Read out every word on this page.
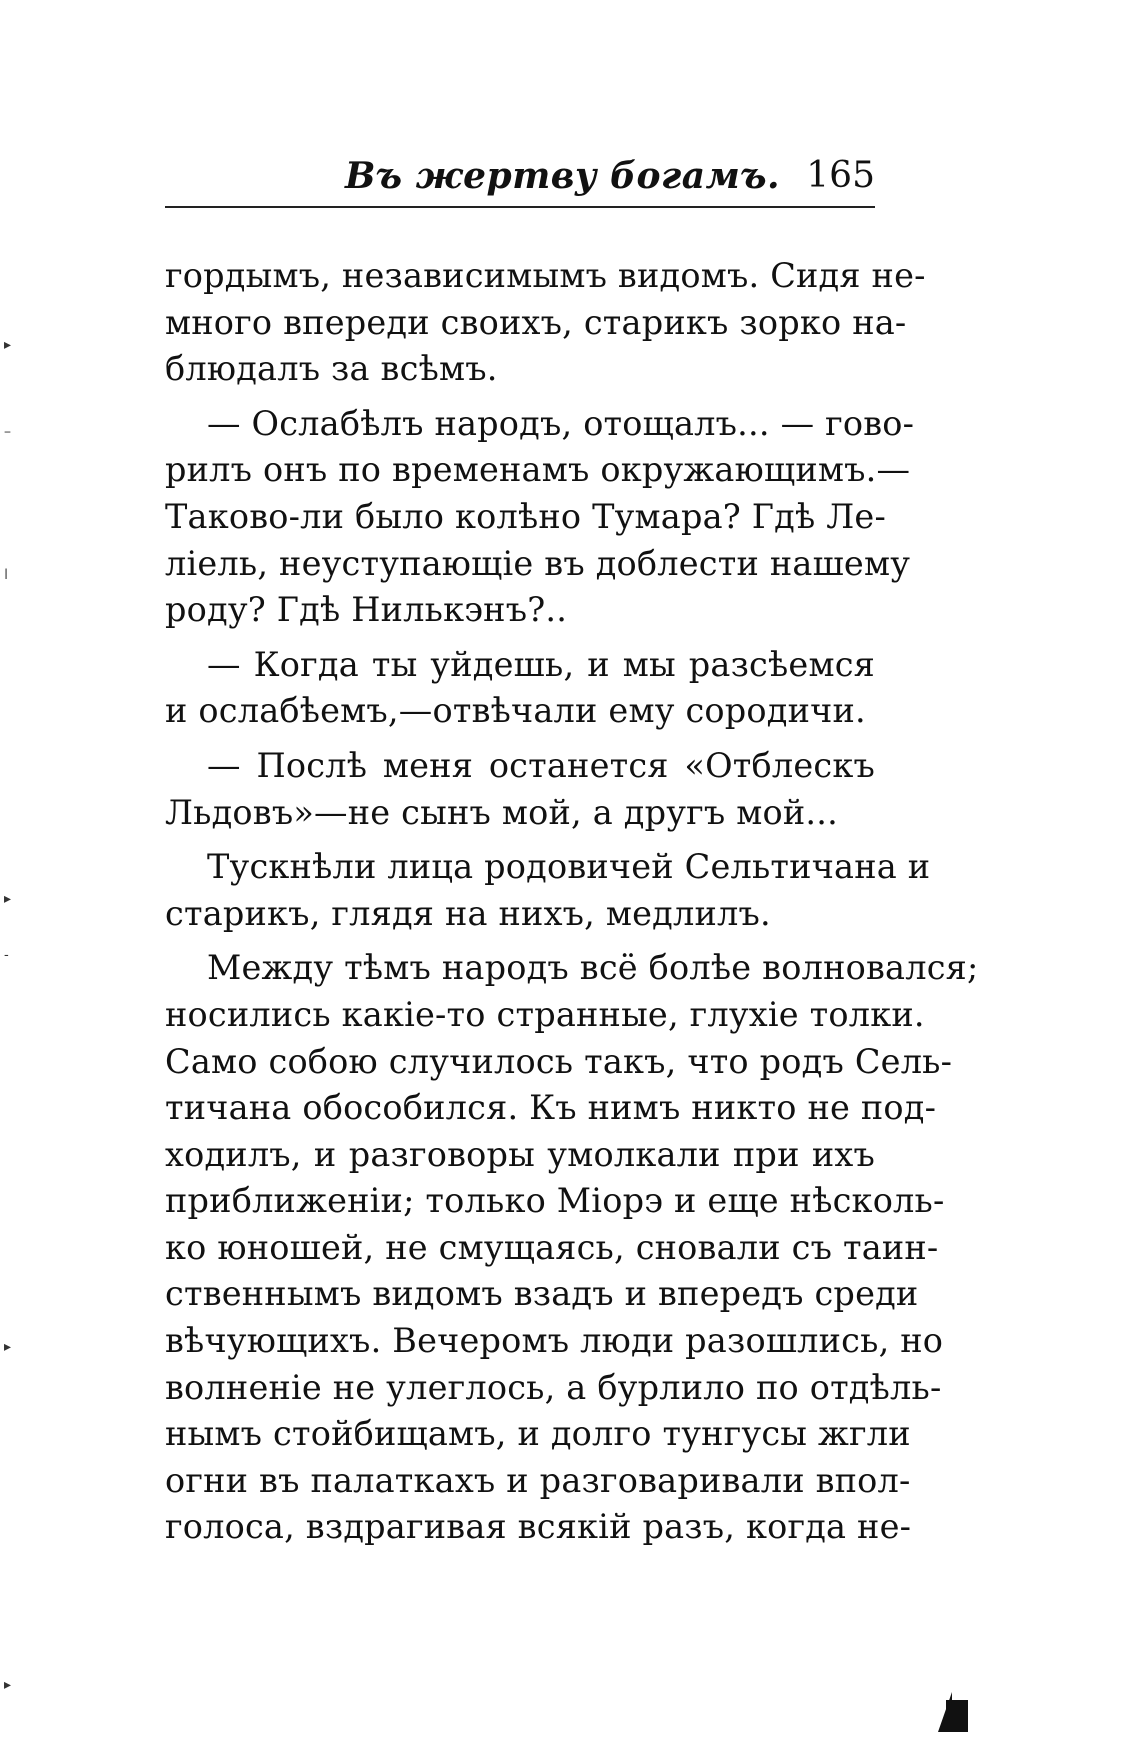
Въ жертву богамъ. 165
гордымъ, независимымъ видомъ. Сидя не-
много впереди своихъ, старикъ зорко на-
блюдалъ за всѣмъ.
— Ослабѣлъ народъ, отощалъ... — гово-
рилъ онъ по временамъ окружающимъ.—
Таково-ли было колѣно Тумара? Гдѣ Ле-
ліель, неуступающіе въ доблести нашему
роду? Гдѣ Нилькэнъ?..
— Когда ты уйдешь, и мы разсѣемся
и ослабѣемъ,—отвѣчали ему сородичи.
— Послѣ меня останется «Отблескъ
Льдовъ»—не сынъ мой, а другъ мой...
Тускнѣли лица родовичей Сельтичана и
старикъ, глядя на нихъ, медлилъ.
Между тѣмъ народъ всё болѣе волновался;
носились какіе-то странные, глухіе толки.
Само собою случилось такъ, что родъ Сель-
тичана обособился. Къ нимъ никто не под-
ходилъ, и разговоры умолкали при ихъ
приближеніи; только Міорэ и еще нѣсколь-
ко юношей, не смущаясь, сновали съ таин-
ственнымъ видомъ взадъ и впередъ среди
вѣчующихъ. Вечеромъ люди разошлись, но
волненіе не улеглось, а бурлило по отдѣль-
нымъ стойбищамъ, и долго тунгусы жгли
огни въ палаткахъ и разговаривали впол-
голоса, вздрагивая всякій разъ, когда не-
▸
–
ǀ
▸
-
▸
▸
